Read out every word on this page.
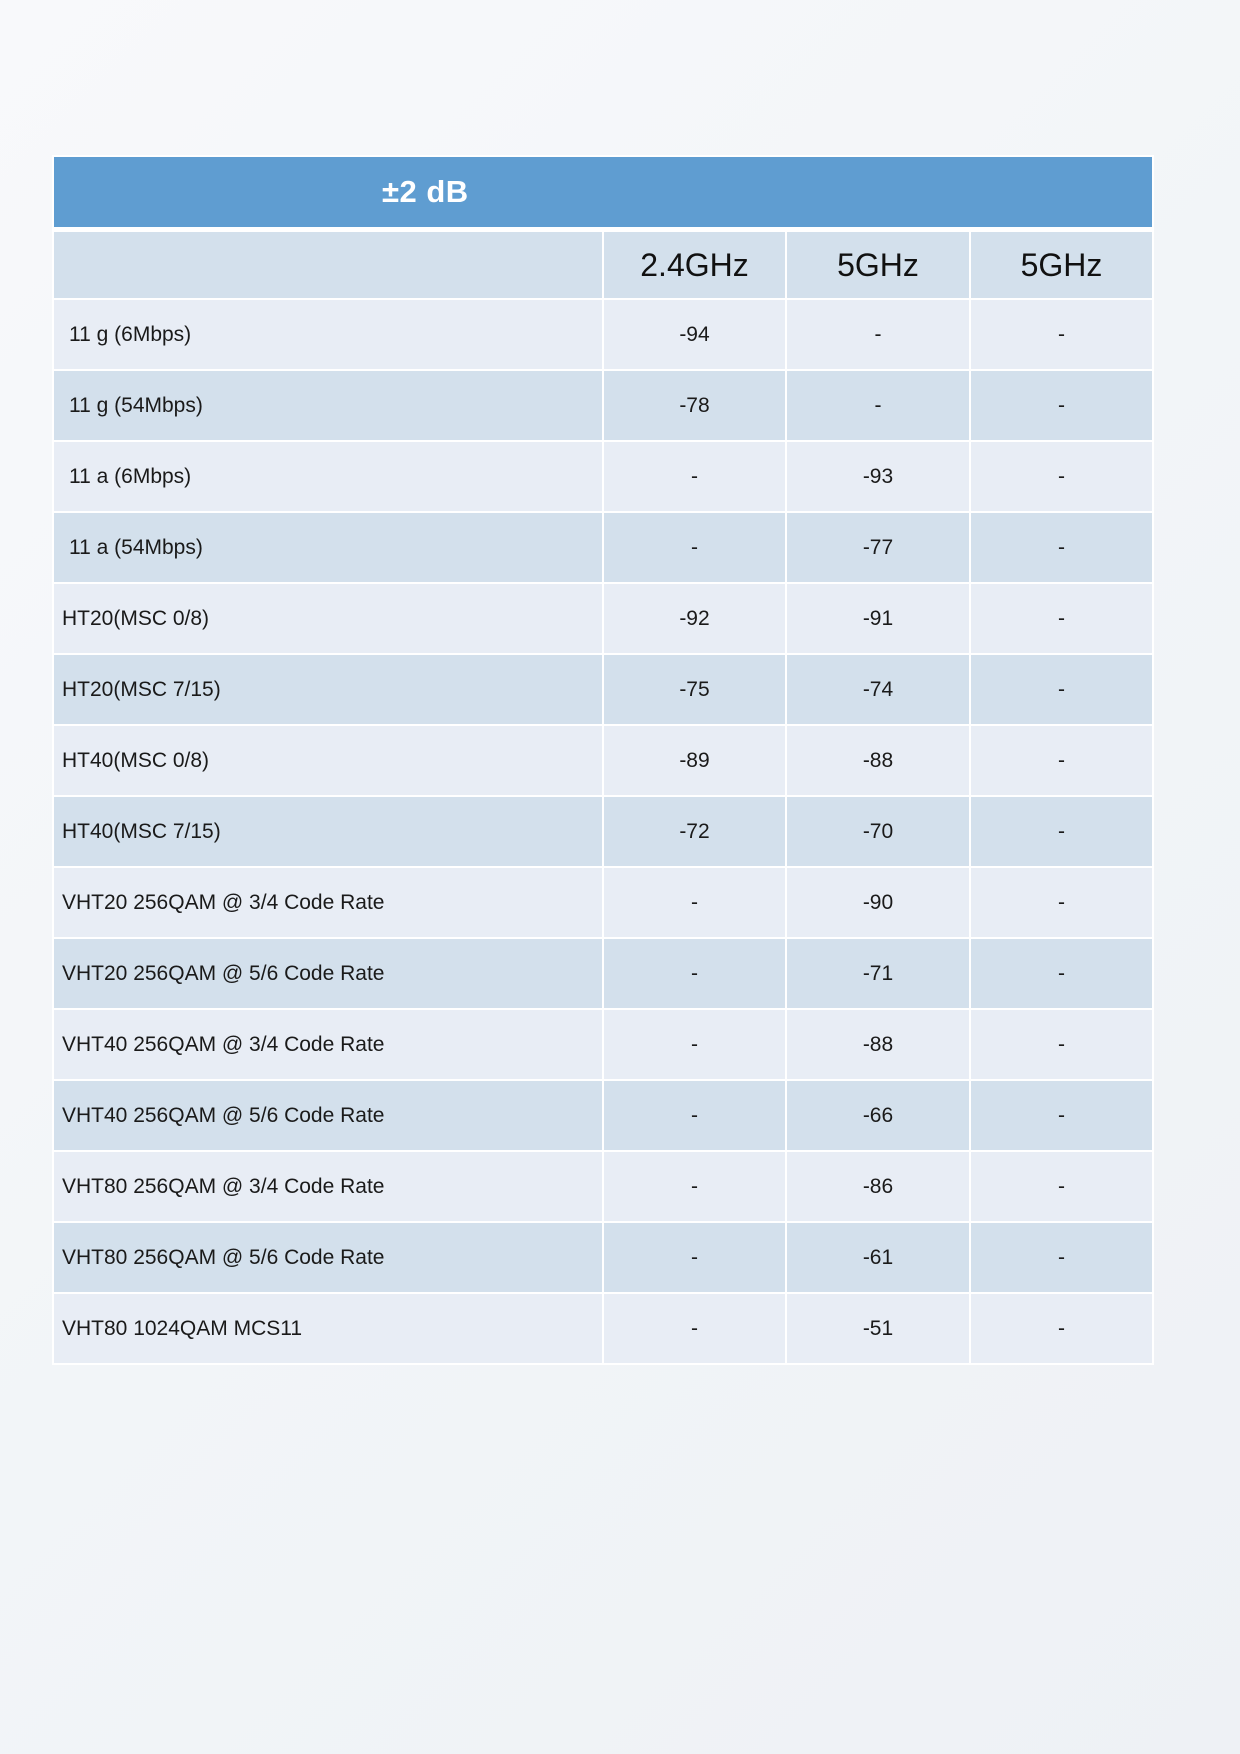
±2 dB			
	2.4GHz	5GHz	5GHz
11 g (6Mbps)	-94	-	-
11 g (54Mbps)	-78	-	-
11 a (6Mbps)	-	-93	-
11 a (54Mbps)	-	-77	-
HT20(MSC 0/8)	-92	-91	-
HT20(MSC 7/15)	-75	-74	-
HT40(MSC 0/8)	-89	-88	-
HT40(MSC 7/15)	-72	-70	-
VHT20 256QAM @ 3/4 Code Rate	-	-90	-
VHT20 256QAM @ 5/6 Code Rate	-	-71	-
VHT40 256QAM @ 3/4 Code Rate	-	-88	-
VHT40 256QAM @ 5/6 Code Rate	-	-66	-
VHT80 256QAM @ 3/4 Code Rate	-	-86	-
VHT80 256QAM @ 5/6 Code Rate	-	-61	-
VHT80 1024QAM MCS11	-	-51	-
